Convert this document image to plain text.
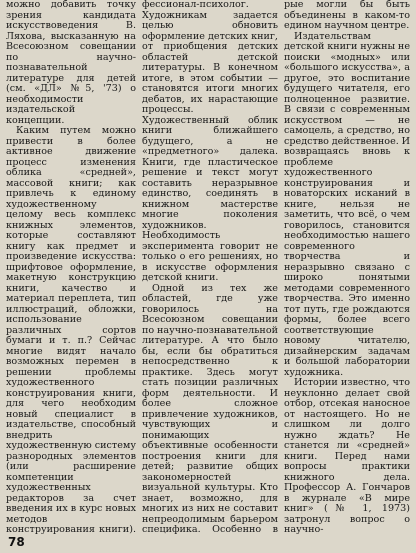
можно добавить точку зрения кандидата искусствоведения В. Ляхова, высказанную на Всесоюзном совещании по научно-познавательной литературе для детей (см. «ДЛ» №5, '73) о необходимости издательской концепции.

Каким путем можно привести в более активное движение процесс изменения облика «средней», массовой книги; как привлечь к единому художественному целому весь комплекс книжных элементов, которые составляют книгу как предмет и произведение искусства: шрифтовое оформление, макетную конструкцию книги, качество и материал переплета, тип иллюстраций, обложки, использование различных сортов бумаги и т. п.? Сейчас многие видят начало возможных перемен в решении проблемы художественного конструирования книги, для чего необходим новый специалист в издательстве, способный внедрить художественную систему разнородных элементов (или расширение компетенции художественных редакторов за счет введения их в курс новых методов конструирования книги).

фессионал-психолог. Художникам задается целью обновить оформление детских книг, от приобщения детских областей детской литературы. В конечном итоге, в этом событии — становятся итоги многих дебатов, их нарастающие процессы. Художественный облик книги ближайшего будущего, а не «предметного» далека. Книги, где пластическое решение и текст могут составить неразрывное единство, соединять в книжном мастерстве многие поколения художников. Необходимость эксперимента говорит не только о его решениях, но в искусстве оформления детской книги.

Одной из тех же областей, где уже говорилось на Всесоюзном совещании по научно-познавательной литературе. А что было бы, если бы обратиться непосредственно к практике. Здесь могут стать позиции различных форм деятельности. И более сложное привлечение художников, чувствующих и понимающих объективные особенности построения книги для детей; развитие общих закономерностей визуальной культуры. Кто знает, возможно, для многих из них не составит непреодолимым барьером специфика. Особенно в

рые могли бы быть объединены в каком-то едином научном центре.

Издательствам детской книги нужны не поиски «модных» или «большого искусства», а другое, это воспитание будущего читателя, его полноценное развитие. В связи с современным искусством — не самоцель, а средство, но средство действенное. И возвращаясь вновь к проблеме художественного конструирования и новаторских исканий в книге, нельзя не заметить, что всё, о чем говорилось, становится необходимостью нашего современного творчества и неразрывно связано с широко понятыми методами современного творчества. Это именно тот путь, где рождаются формы, более всего соответствующие новому читателю, дизайнерским задачам и большой лаборатории художника.

Истории известно, что неуклонно делает свой отбор, отсекая наносное от настоящего. Но не слишком ли долго нужно ждать? Не станется ли «средней» книги. Перед нами вопросы практики книжного дела. Профессор А. Гончаров в журнале «В мире книг» (№ 1, 1973) затронул вопрос о научно-

78
